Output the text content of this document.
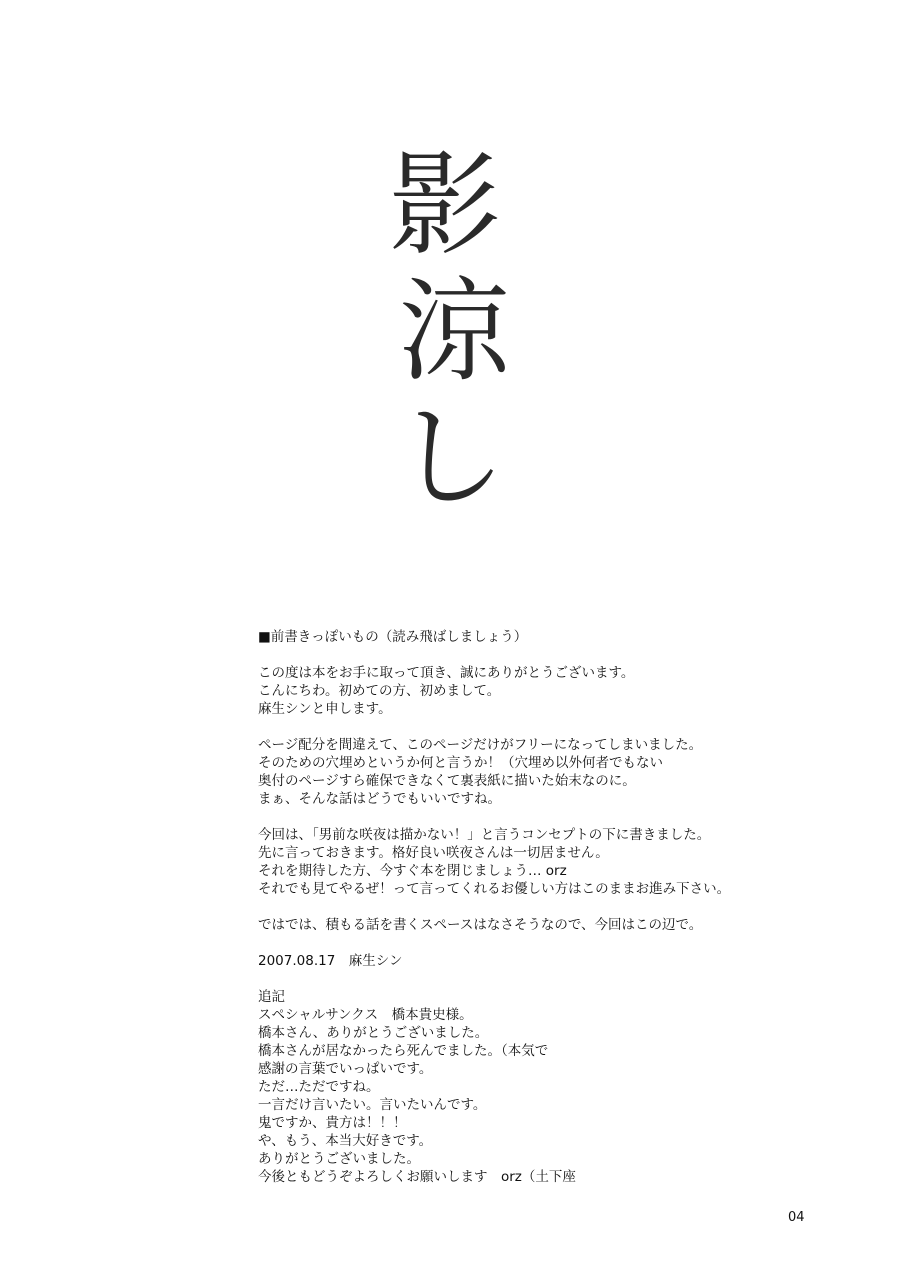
影
涼
し
■前書きっぽいもの（読み飛ばしましょう）
この度は本をお手に取って頂き、誠にありがとうございます。
こんにちわ。初めての方、初めまして。
麻生シンと申します。
ページ配分を間違えて、このページだけがフリーになってしまいました。
そのための穴埋めというか何と言うか！（穴埋め以外何者でもない
奥付のページすら確保できなくて裏表紙に描いた始末なのに。
まぁ、そんな話はどうでもいいですね。
今回は、「男前な咲夜は描かない！」と言うコンセプトの下に書きました。
先に言っておきます。格好良い咲夜さんは一切居ません。
それを期待した方、今すぐ本を閉じましょう… orz
それでも見てやるぜ！って言ってくれるお優しい方はこのままお進み下さい。
ではでは、積もる話を書くスペースはなさそうなので、今回はこの辺で。
2007.08.17　麻生シン
追記
スペシャルサンクス　橋本貴史様。
橋本さん、ありがとうございました。
橋本さんが居なかったら死んでました。（本気で
感謝の言葉でいっぱいです。
ただ…ただですね。
一言だけ言いたい。言いたいんです。
鬼ですか、貴方は！！！
や、もう、本当大好きです。
ありがとうございました。
今後ともどうぞよろしくお願いします　orz（土下座
04
